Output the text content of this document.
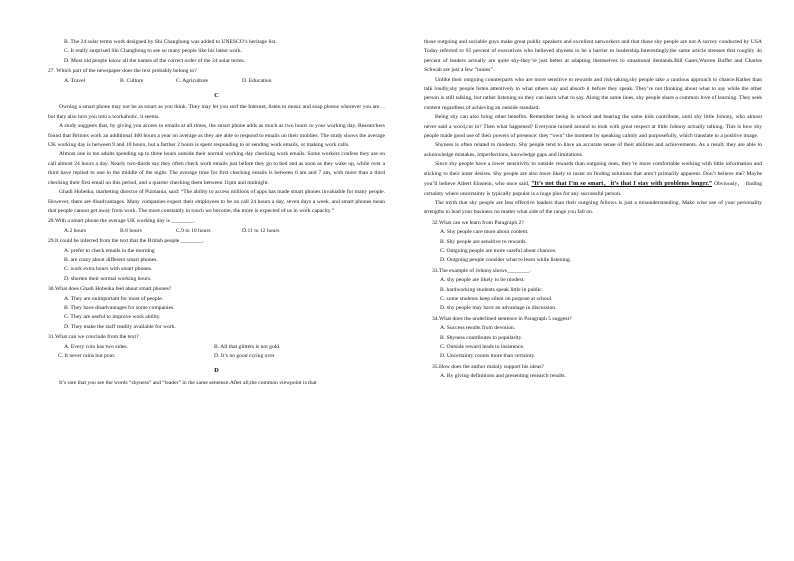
B. The 24 solar terms work designed by Shi Changhong was added to UNESCO’s heritage list.
C. It really surprised Shi Changhong to see so many people like his latest work.
D. Most old people know all the names of the correct order of the 24 solar terms.
27. Which part of the newspaper does the text probably belong to?
A. Travel	B. Culture	C. Agriculture	D. Education
C
Owning a smart phone may not be as smart as you think. They may let you surf the Internet, listen to music and snap photos wherever you are… but they also turn you into a workaholic, it seems.
A study suggests that, by giving you access to emails at all times, the smart phone adds as much as two hours to your working day. Researchers found that Britons work an additional 460 hours a year on average as they are able to respond to emails on their mobiles. The study shows the average UK working day is between 9 and 10 hours, but a further 2 hours is spent responding to or sending work emails, or making work calls.
Almost one in ten adults spending up to three hours outside their normal working day checking work emails. Some workers confess they are on call almost 24 hours a day. Nearly two-thirds say they often check work emails just before they go to bed and as soon as they wake up, while over a third have replied to one in the middle of the night. The average time for first checking emails is between 6 am and 7 am, with more than a third checking their first email on this period, and a quarter checking them between 11pm and midnight.
Ghadi Hobeika, marketing director of Pizmania, said: “The ability to access millions of apps has made smart phones invaluable for many people. However, there are disadvantages. Many companies expect their employees to be on call 24 hours a day, seven days a week, and smart phones mean that people cannot get away from work. The more constantly in touch we become, the more is expected of us in work capacity.”
28.With a smart phone the average UK working day is ________.
A.2 hours	B.8 hours	C.9 to 10 hours	D.11 to 12 hours
29.It could be inferred from the text that the British people ________.
A. prefer to check emails in the morning
B. are crazy about different smart phones.
C. work extra hours with smart phones.
D. shorten their normal working hours.
30.What does Ghadi Hobeika feel about smart phones?
A. They are unimportant for most of people.
B. They have disadvantages for some companies.
C. They are useful to improve work ability.
D. They make the staff readily available for work.
31.What can we conclude from the text?
A. Every coin has two sides.	B. All that glitters is not gold.
C. It never rains but pour.	D. It’s no good crying over
D
It’s rare that you see the words “shyness” and “leader” in the same sentence.After all,the common viewpoint is that
those outgoing and sociable guys make great public speakers and excellent networkers and that those shy people are not.A survey conducted by USA Today referred to 65 percent of executives who believed shyness to be a barrier to leadership.Interestingly,the same article stresses that roughly 4o percent of leaders actually are quite shy-they’re just better at adapting themselves to situational demands.Bill Gates,Warren Buffet and Charles Schwab are just a few “innies”.
Unlike their outgoing counterparts who are more sensitive to rewards and risk-taking,shy people take a cautious approach to chance.Rather than talk loudly,shy people listen attentively to what others say and absorb it before they speak. They’re not thinking about what to say while the other person is still talking, but rather listening so they can learn what to say. Along the same lines, shy people share a common love of learning. They seek content regardless of achieving an outside standard.
Being shy can also bring other benefits. Remember being in school and hearing the same kids contribute, until shy little Johnny, who almost never said a word,cut in? Then what happened? Everyone turned around to look with great respect at little Johnny actually talking. This is how shy people made good use of their powers of presence: they “own” the moment by speaking calmly and purposefully, which translate to a positive image.
Shyness is often related to modesty. Shy people tend to have an accurate sense of their abilities and achievements. As a result, they are able to acknowledge mistakes, imperfections, knowledge gaps and limitations.
Since shy people have a lower sensitivity to outside rewards than outgoing ones, they’re more comfortable working with little information and sticking to their inner desires. Shy people are also more likely to insist on finding solutions that aren’t primarily apparent. Don’t believe me? Maybe you’ll believe Albert Einstein, who once said, “It’s not that I’m so smart，it’s that I stay with problems longer.” Obviously， finding certainty where uncertainty is typically popular is a huge plus for any successful person.
The myth that shy people are less effective leaders than their outgoing fellows is just a misunderstanding. Make wise use of your personality strengths to lead your business no matter what side of the range you fall on.
32.What can we learn from Paragraph 2?
A. Shy people care more about content.
B. Shy people are sensitive to rewards.
C. Outgoing people are more careful about chances.
D. Outgoing people consider what to learn while listening.
33.The example of Johnny shows________.
A. shy people are likely to be modest.
B. hardworking students speak little in public.
C. some students keep silent on purpose at school.
D. shy people may have an advantage in discussion.
34.What does the underlined sentence in Paragraph 5 suggest?
A. Success results from devotion.
B. Shyness contributes to popularity.
C. Outside reward leads to insistence.
D. Uncertainty counts more than certainty.
35.How does the author mainly support his ideas?
A. By giving definitions and presenting research results.
